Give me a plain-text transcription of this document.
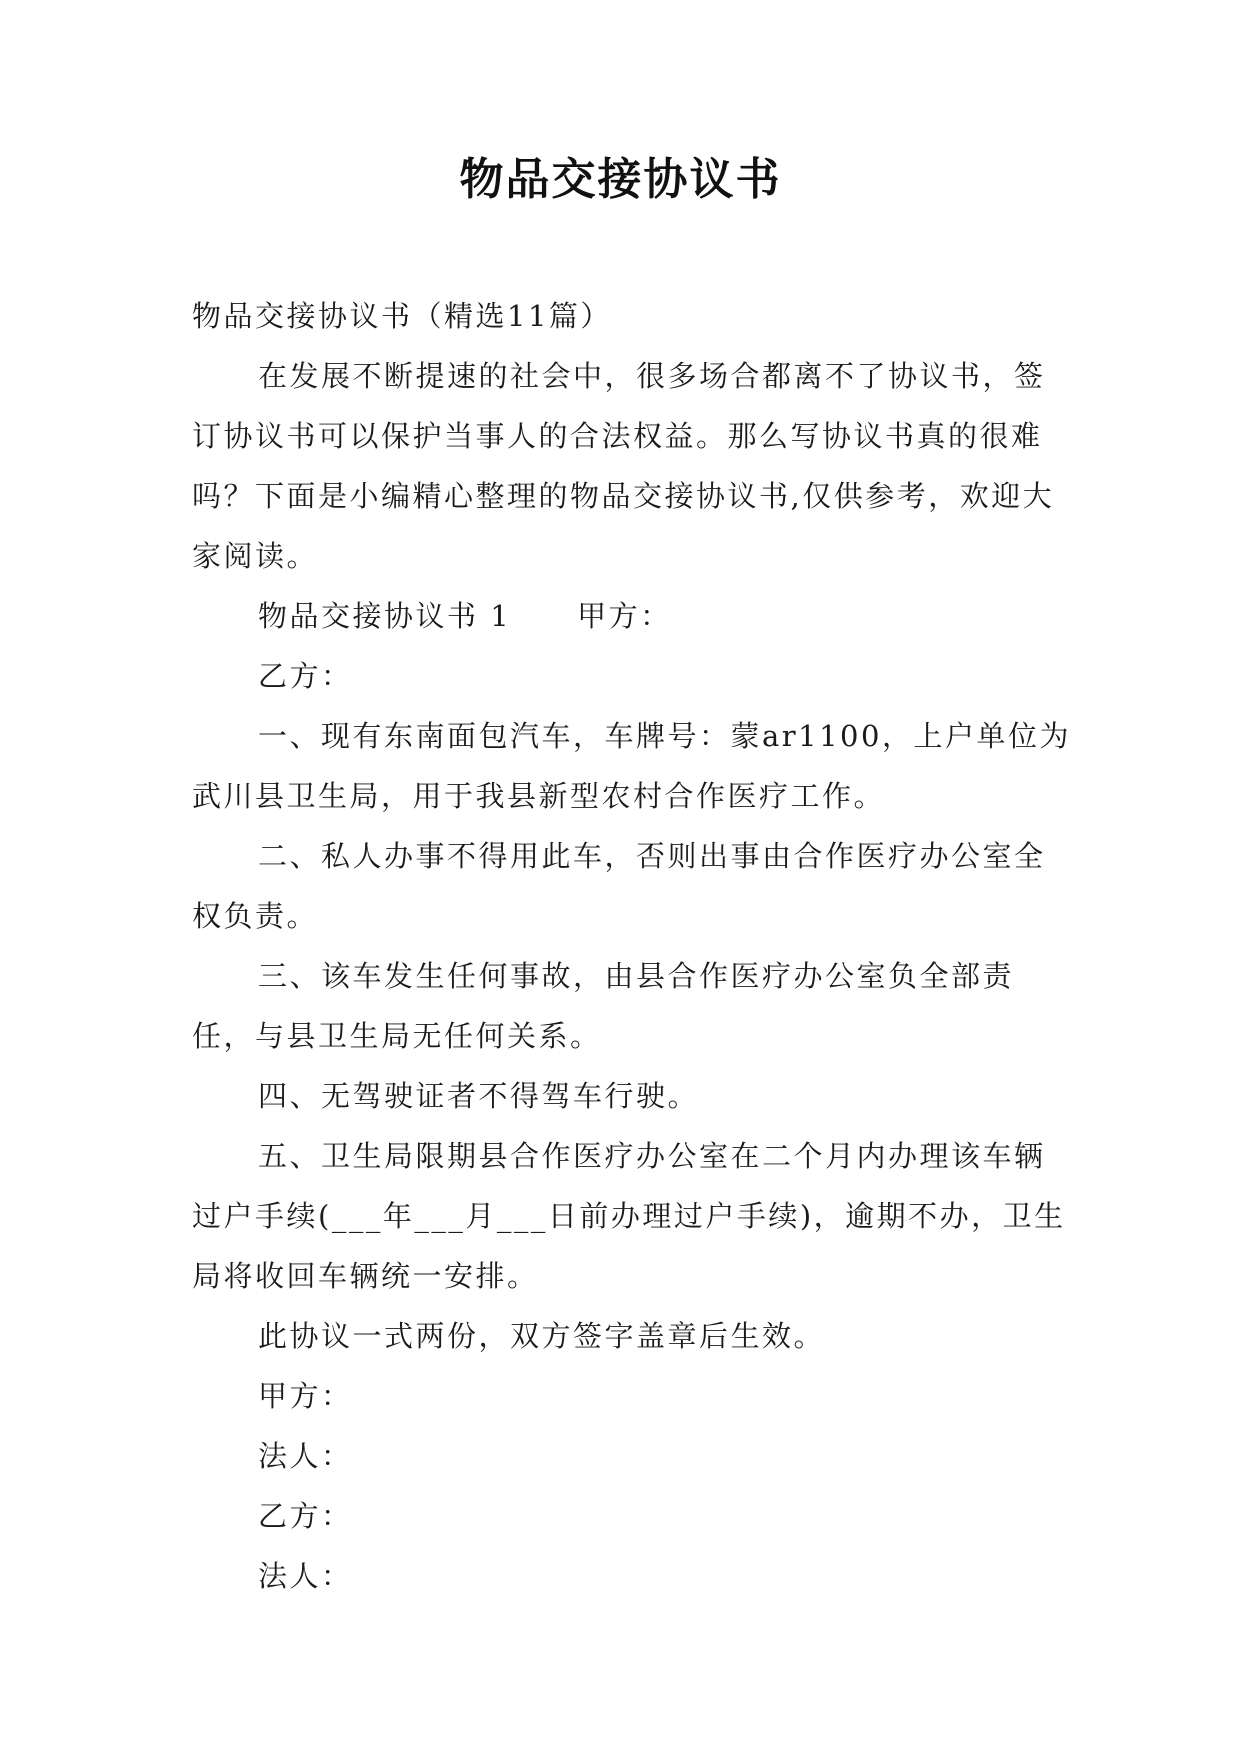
物品交接协议书

物品交接协议书（精选11篇）

在发展不断提速的社会中，很多场合都离不了协议书，签订协议书可以保护当事人的合法权益。那么写协议书真的很难吗？下面是小编精心整理的物品交接协议书,仅供参考，欢迎大家阅读。

物品交接协议书 1 甲方：

乙方：

一、现有东南面包汽车，车牌号：蒙ar1100，上户单位为武川县卫生局，用于我县新型农村合作医疗工作。

二、私人办事不得用此车，否则出事由合作医疗办公室全权负责。

三、该车发生任何事故，由县合作医疗办公室负全部责任，与县卫生局无任何关系。

四、无驾驶证者不得驾车行驶。

五、卫生局限期县合作医疗办公室在二个月内办理该车辆过户手续(___年___月___日前办理过户手续)，逾期不办，卫生局将收回车辆统一安排。

此协议一式两份，双方签字盖章后生效。

甲方：

法人：

乙方：

法人：
